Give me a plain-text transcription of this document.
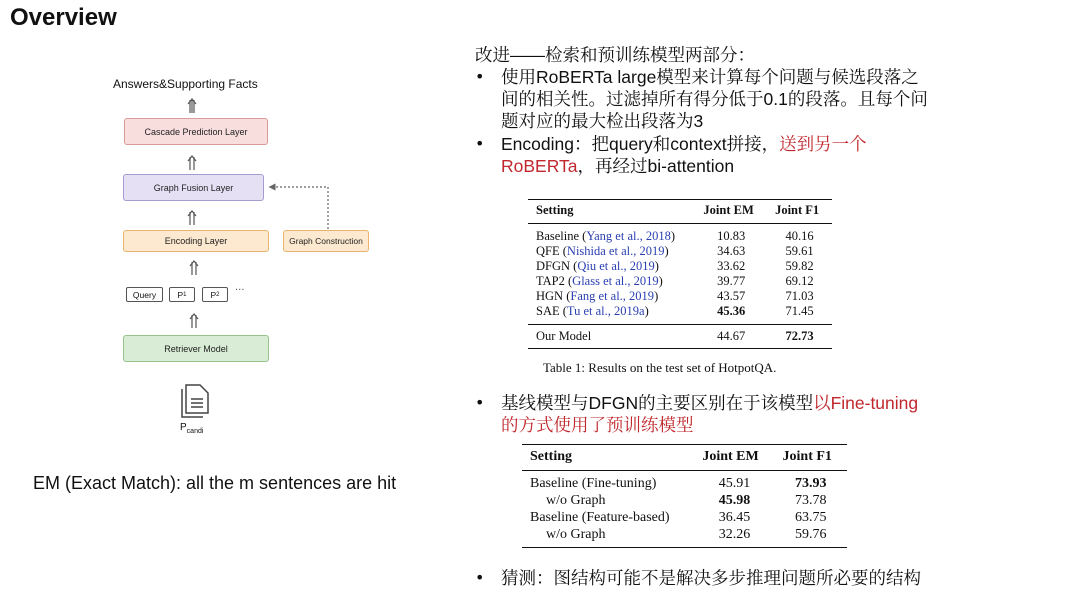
Overview
Answers&Supporting Facts
Cascade Prediction Layer
Graph Fusion Layer
Encoding Layer	Graph Construction
Query	P 1	P 2 ···
Retriever Model
$P_{candi}$
EM (Exact Match): all the m sentences are hit
改进——检索和预训练模型两部分：
• 使用RoBERTa large模型来计算每个问题与候选段落之
间的相关性。过滤掉所有得分低于0.1的段落。且每个问
题对应的最大检出段落为3
• Encoding：把query和context拼接，送到另一个
RoBERTa，再经过bi-attention
Setting	Joint EM	Joint F1
Baseline (Yang et al., 2018)	10.83	40.16
QFE (Nishida et al., 2019)	34.63	59.61
DFGN (Qiu et al., 2019)	33.62	59.82
TAP2 (Glass et al., 2019)	39.77	69.12
HGN (Fang et al., 2019)	43.57	71.03
SAE (Tu et al., 2019a)	45.36	71.45
Our Model	44.67	72.73
Table 1: Results on the test set of HotpotQA.
• 基线模型与DFGN的主要区别在于该模型以Fine-tuning
的方式使用了预训练模型
Setting	Joint EM	Joint F1
Baseline (Fine-tuning)	45.91	73.93
w/o Graph	45.98	73.78
Baseline (Feature-based)	36.45	63.75
w/o Graph	32.26	59.76
• 猜测：图结构可能不是解决多步推理问题所必要的结构
